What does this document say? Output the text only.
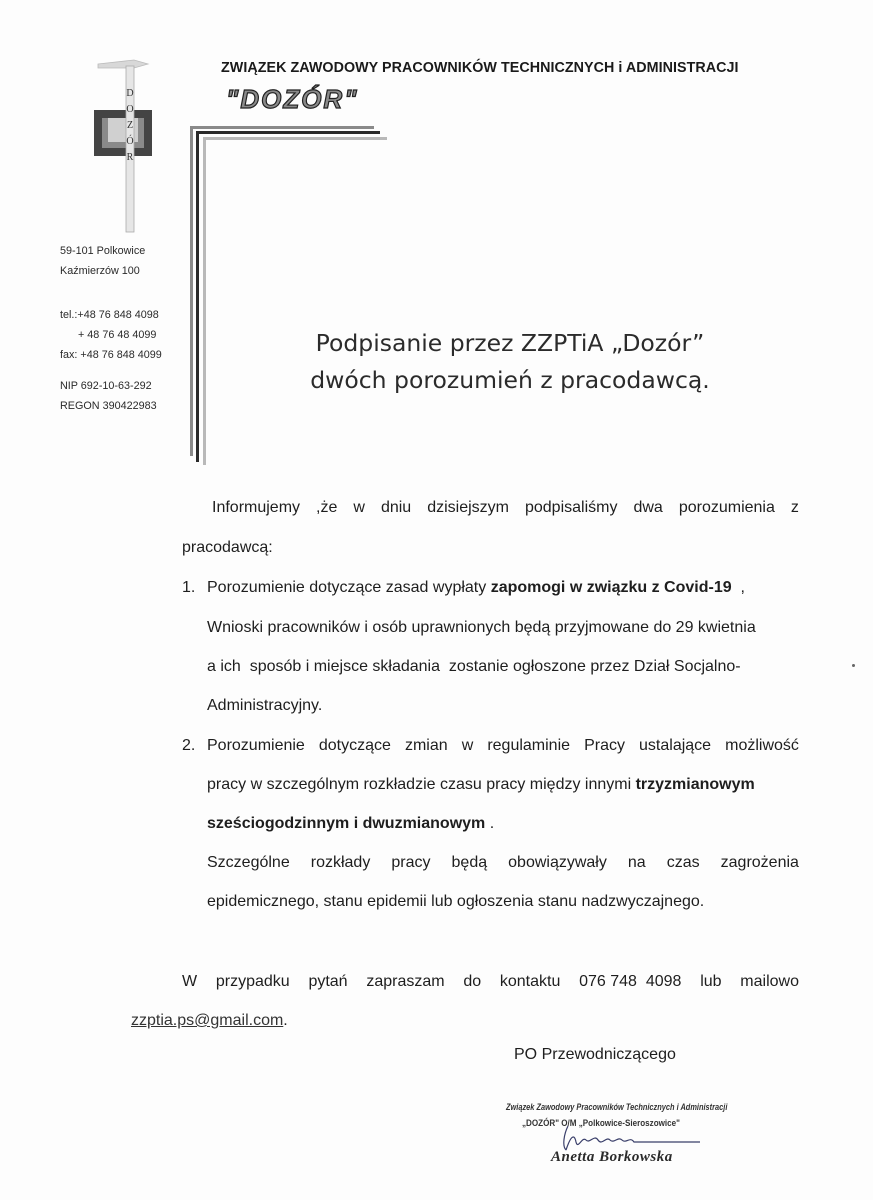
D
O
Z
Ó
R
ZWIĄZEK ZAWODOWY PRACOWNIKÓW TECHNICZNYCH i ADMINISTRACJI
"DOZÓR"
59-101 Polkowice
Kaźmierzów 100
tel.:+48 76 848 4098
+ 48 76 48 4099
fax: +48 76 848 4099
NIP 692-10-63-292
REGON 390422983
Podpisanie przez ZZPTiA „Dozór”
dwóch porozumień z pracodawcą.
Informujemy ,że w dniu dzisiejszym podpisaliśmy dwa porozumienia z
pracodawcą:
1. Porozumienie dotyczące zasad wypłaty zapomogi w związku z Covid-19  ,
Wnioski pracowników i osób uprawnionych będą przyjmowane do 29 kwietnia
a ich  sposób i miejsce składania  zostanie ogłoszone przez Dział Socjalno-
Administracyjny.
2. Porozumienie dotyczące zmian w regulaminie Pracy ustalające możliwość
pracy w szczególnym rozkładzie czasu pracy między innymi trzyzmianowym
sześciogodzinnym i dwuzmianowym .
Szczególne rozkłady pracy będą obowiązywały na czas zagrożenia
epidemicznego, stanu epidemii lub ogłoszenia stanu nadzwyczajnego.
W przypadku pytań zapraszam do kontaktu 076 748  4098 lub mailowo
zzptia.ps@gmail.com.
PO Przewodniczącego
Związek Zawodowy Pracowników Technicznych i Administracji
„DOZÓR" O/M „Polkowice-Sieroszowice"
Anetta Borkowska
